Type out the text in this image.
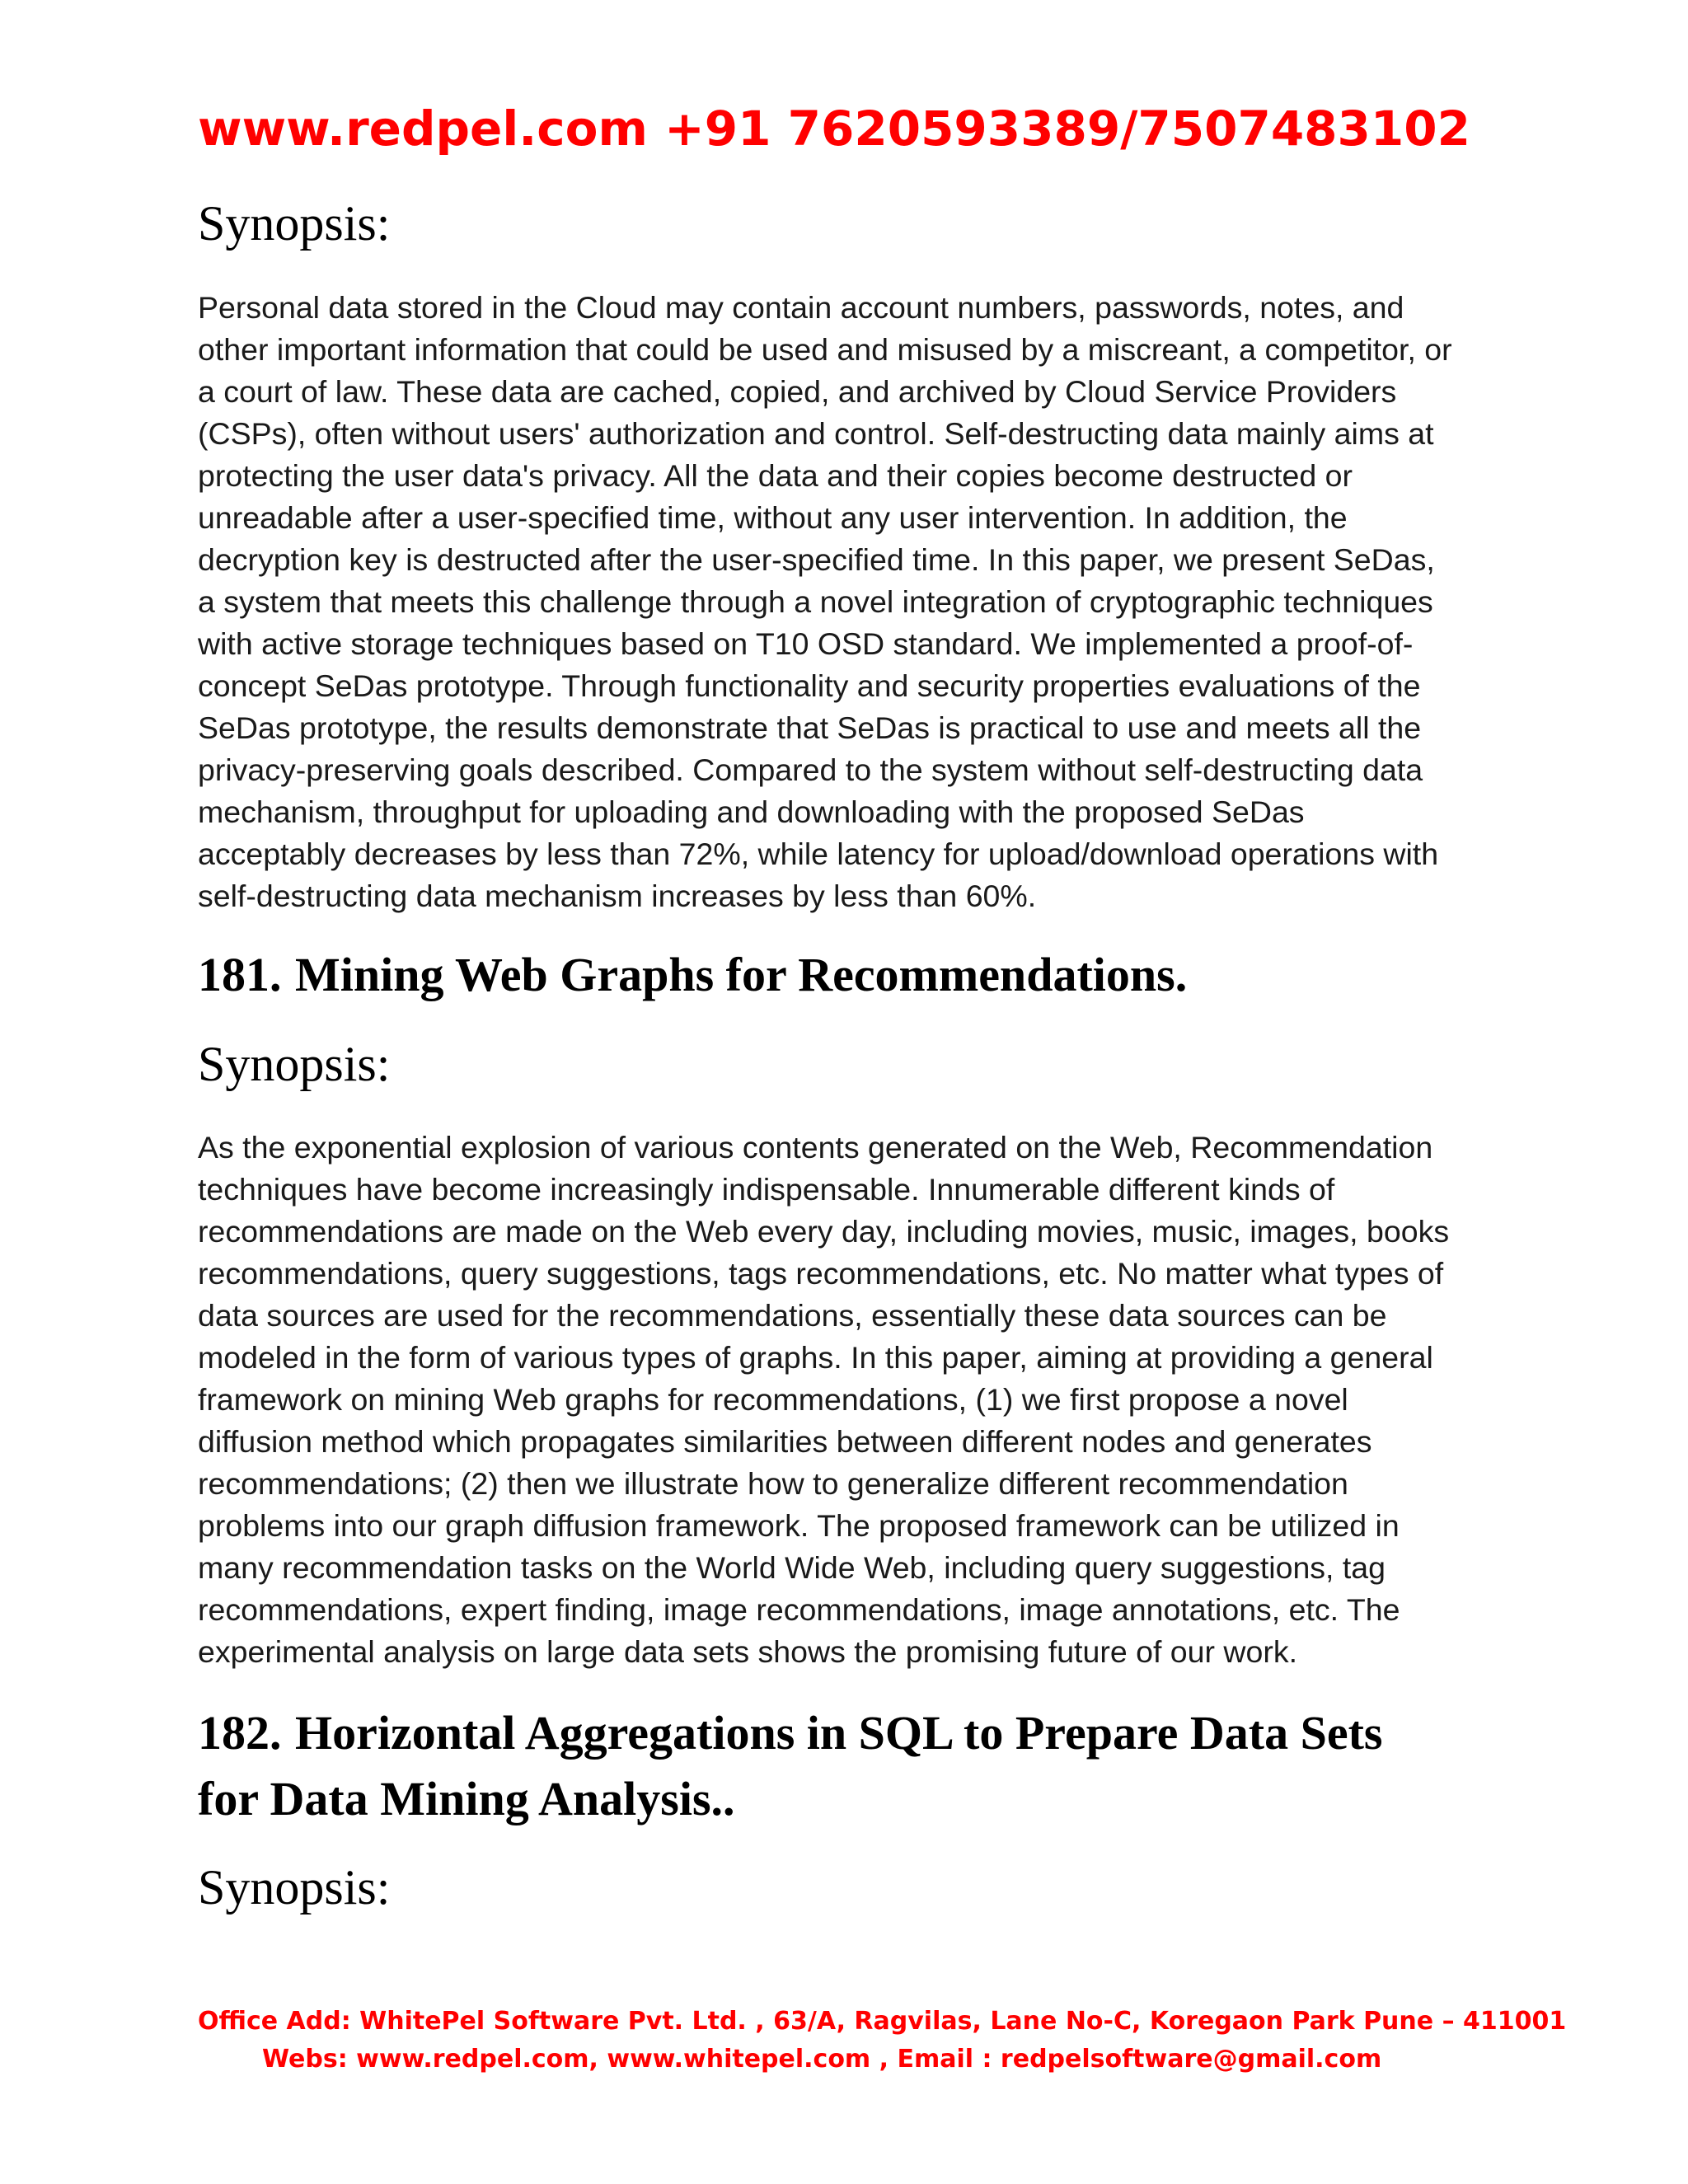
www.redpel.com +91 7620593389/7507483102

Synopsis:

Personal data stored in the Cloud may contain account numbers, passwords, notes, and
other important information that could be used and misused by a miscreant, a competitor, or
a court of law. These data are cached, copied, and archived by Cloud Service Providers
(CSPs), often without users' authorization and control. Self-destructing data mainly aims at
protecting the user data's privacy. All the data and their copies become destructed or
unreadable after a user-specified time, without any user intervention. In addition, the
decryption key is destructed after the user-specified time. In this paper, we present SeDas,
a system that meets this challenge through a novel integration of cryptographic techniques
with active storage techniques based on T10 OSD standard. We implemented a proof-of-
concept SeDas prototype. Through functionality and security properties evaluations of the
SeDas prototype, the results demonstrate that SeDas is practical to use and meets all the
privacy-preserving goals described. Compared to the system without self-destructing data
mechanism, throughput for uploading and downloading with the proposed SeDas
acceptably decreases by less than 72%, while latency for upload/download operations with
self-destructing data mechanism increases by less than 60%.
181. Mining Web Graphs for Recommendations.

Synopsis:

As the exponential explosion of various contents generated on the Web, Recommendation
techniques have become increasingly indispensable. Innumerable different kinds of
recommendations are made on the Web every day, including movies, music, images, books
recommendations, query suggestions, tags recommendations, etc. No matter what types of
data sources are used for the recommendations, essentially these data sources can be
modeled in the form of various types of graphs. In this paper, aiming at providing a general
framework on mining Web graphs for recommendations, (1) we first propose a novel
diffusion method which propagates similarities between different nodes and generates
recommendations; (2) then we illustrate how to generalize different recommendation
problems into our graph diffusion framework. The proposed framework can be utilized in
many recommendation tasks on the World Wide Web, including query suggestions, tag
recommendations, expert finding, image recommendations, image annotations, etc. The
experimental analysis on large data sets shows the promising future of our work.
182. Horizontal Aggregations in SQL to Prepare Data Sets
for Data Mining Analysis..

Synopsis:

Office Add: WhitePel Software Pvt. Ltd. , 63/A, Ragvilas, Lane No-C, Koregaon Park Pune – 411001
Webs: www.redpel.com, www.whitepel.com , Email : redpelsoftware@gmail.com
